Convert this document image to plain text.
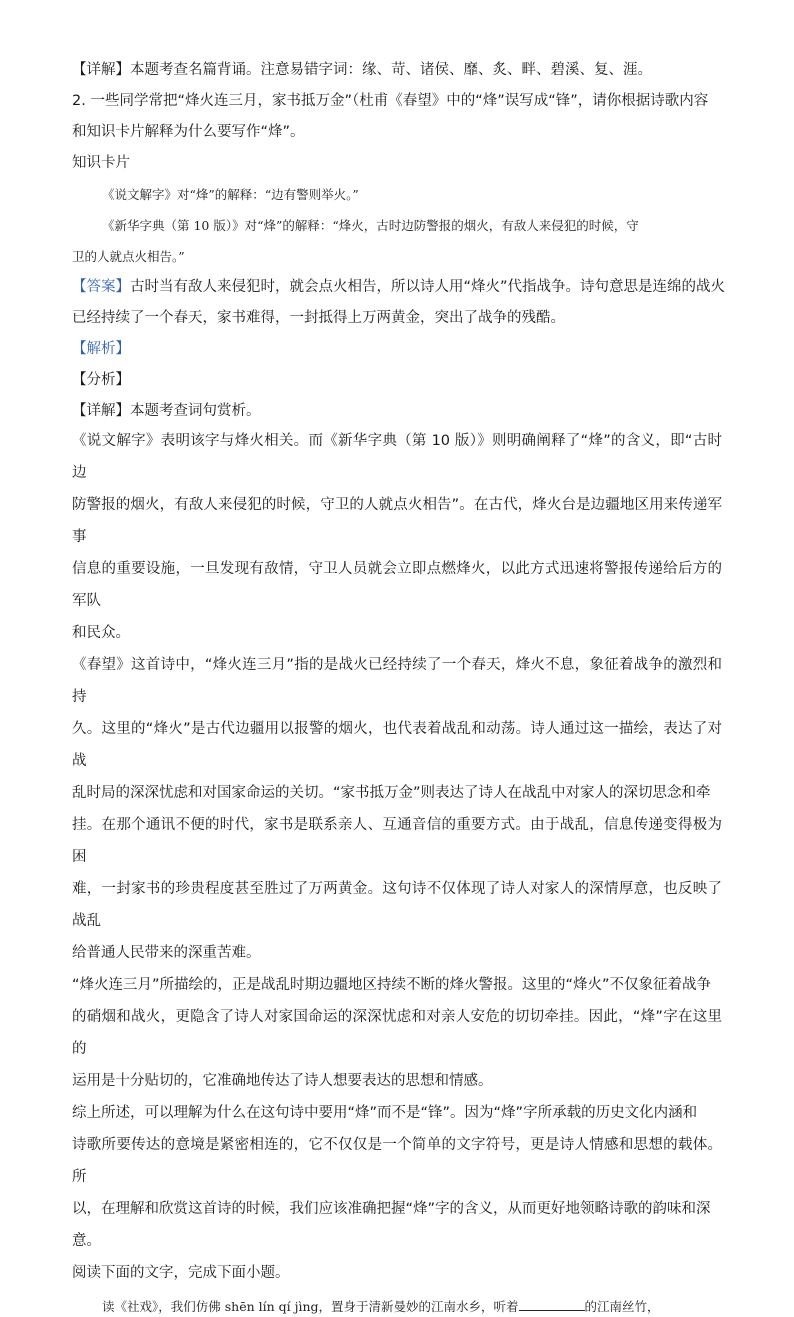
【详解】本题考查名篇背诵。注意易错字词：缘、苛、诸侯、靡、炙、畔、碧溪、复、涯。
2. 一些同学常把“烽火连三月，家书抵万金”（杜甫《春望》中的“烽”误写成“锋”，请你根据诗歌内容
和知识卡片解释为什么要写作“烽”。
知识卡片
《说文解字》对“烽”的解释：“边有警则举火。”
《新华字典（第 10 版）》对“烽”的解释：“烽火，古时边防警报的烟火，有敌人来侵犯的时候，守
卫的人就点火相告。”
【答案】古时当有敌人来侵犯时，就会点火相告，所以诗人用“烽火”代指战争。诗句意思是连绵的战火
已经持续了一个春天，家书难得，一封抵得上万两黄金，突出了战争的残酷。
【解析】
【分析】
【详解】本题考查词句赏析。
《说文解字》表明该字与烽火相关。而《新华字典（第 10 版）》则明确阐释了“烽”的含义，即“古时边
防警报的烟火，有敌人来侵犯的时候，守卫的人就点火相告”。在古代，烽火台是边疆地区用来传递军事
信息的重要设施，一旦发现有敌情，守卫人员就会立即点燃烽火，以此方式迅速将警报传递给后方的军队
和民众。
《春望》这首诗中，“烽火连三月”指的是战火已经持续了一个春天，烽火不息，象征着战争的激烈和持
久。这里的“烽火”是古代边疆用以报警的烟火，也代表着战乱和动荡。诗人通过这一描绘，表达了对战
乱时局的深深忧虑和对国家命运的关切。“家书抵万金”则表达了诗人在战乱中对家人的深切思念和牵
挂。在那个通讯不便的时代，家书是联系亲人、互通音信的重要方式。由于战乱，信息传递变得极为困
难，一封家书的珍贵程度甚至胜过了万两黄金。这句诗不仅体现了诗人对家人的深情厚意，也反映了战乱
给普通人民带来的深重苦难。
“烽火连三月”所描绘的，正是战乱时期边疆地区持续不断的烽火警报。这里的“烽火”不仅象征着战争
的硝烟和战火，更隐含了诗人对家国命运的深深忧虑和对亲人安危的切切牵挂。因此，“烽”字在这里的
运用是十分贴切的，它准确地传达了诗人想要表达的思想和情感。
综上所述，可以理解为什么在这句诗中要用“烽”而不是“锋”。因为“烽”字所承载的历史文化内涵和
诗歌所要传达的意境是紧密相连的，它不仅仅是一个简单的文字符号，更是诗人情感和思想的载体。所
以，在理解和欣赏这首诗的时候，我们应该准确把握“烽”字的含义，从而更好地领略诗歌的韵味和深
意。
阅读下面的文字，完成下面小题。
读《社戏》，我们仿佛 shēn lín qí jìng，置身于清新曼妙的江南水乡，听着	的江南丝竹，
